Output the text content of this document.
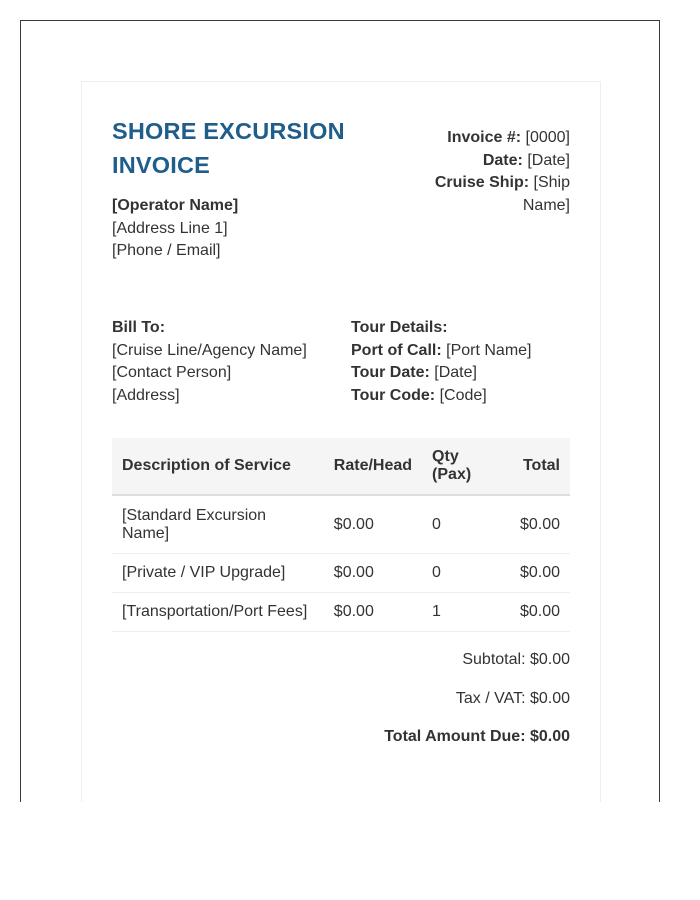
SHORE EXCURSION
INVOICE
[Operator Name]
[Address Line 1]
[Phone / Email]
Invoice #: [0000]
Date: [Date]
Cruise Ship: [Ship Name]
Bill To:
[Cruise Line/Agency Name]
[Contact Person]
[Address]
Tour Details:
Port of Call: [Port Name]
Tour Date: [Date]
Tour Code: [Code]
Description of Service	Rate/Head	Qty (Pax)	Total
[Standard Excursion Name]	$0.00	0	$0.00
[Private / VIP Upgrade]	$0.00	0	$0.00
[Transportation/Port Fees]	$0.00	1	$0.00
Subtotal: $0.00
Tax / VAT: $0.00
Total Amount Due: $0.00
